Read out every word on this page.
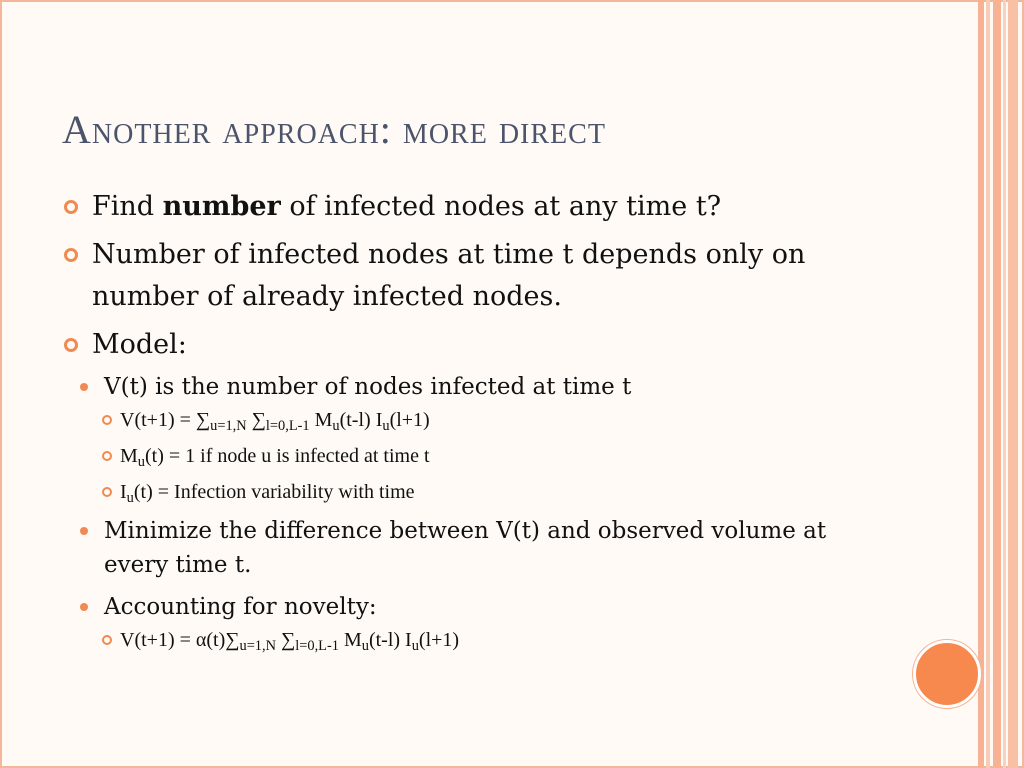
Another approach: more direct
Find number of infected nodes at any time t?
Number of infected nodes at time t depends only on number of already infected nodes.
Model:
V(t) is the number of nodes infected at time t
$V(t+1) = \sum_{u=1,N}$ $\sum_{l=0,L-1}$ $M_u(t-l)$ $I_u(l+1)$
$M_u(t) = 1$ if node u is infected at time t
$I_u(t)$ = Infection variability with time
Minimize the difference between V(t) and observed volume at every time t.
Accounting for novelty:
$V(t+1) = \alpha(t)\sum_{u=1,N}$ $\sum_{l=0,L-1}$ $M_u(t-l)$ $I_u(l+1)$
